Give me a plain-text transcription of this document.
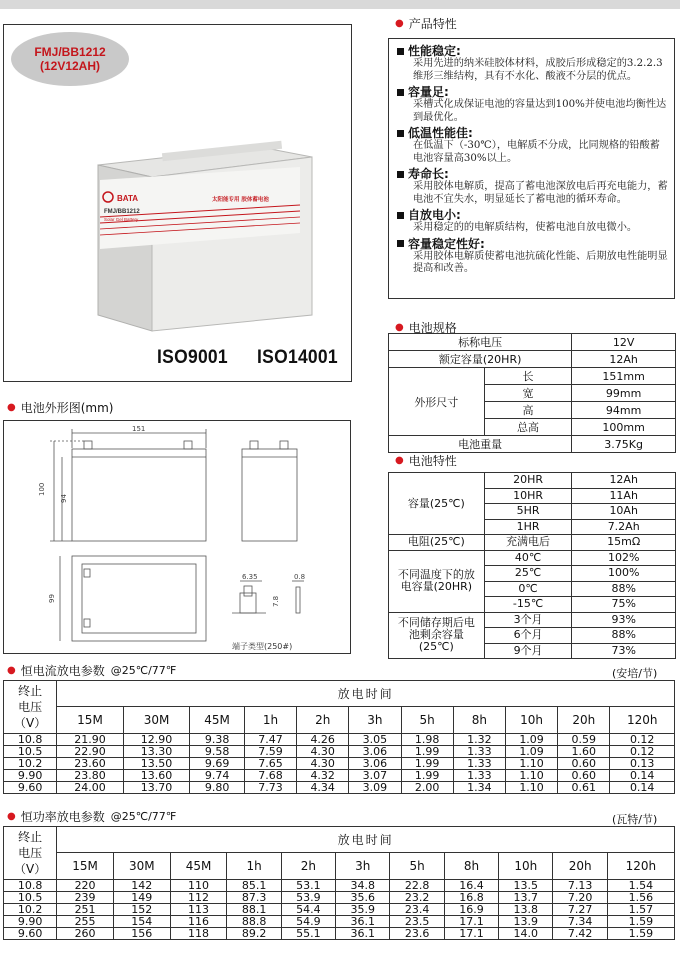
FMJ/BB1212
(12V12AH)
BATA
FMJ/BB1212
太阳能专用 胶体蓄电池
Solar Gel Battery
ISO9001 ISO14001
● 产品特性
性能稳定:
采用先进的纳米硅胶体材料，成胶后形成稳定的3.2.2.3维形三维结构，具有不水化、酸液不分层的优点。
容量足:
采槽式化成保证电池的容量达到100%并使电池均衡性达到最优化。
低温性能佳:
在低温下（-30℃），电解质不分成，比同规格的铅酸蓄电池容量高30%以上。
寿命长:
采用胶体电解质，提高了蓄电池深放电后再充电能力，蓄电池不宜失水，明显延长了蓄电池的循环寿命。
自放电小:
采用稳定的的电解质结构，使蓄电池自放电微小。
容量稳定性好:
采用胶体电解质使蓄电池抗硫化性能、后期放电性能明显提高和改善。
● 电池规格
标称电压		12V
额定容量(20HR)		12Ah
外形尺寸	长	151mm
	宽	99mm
	高	94mm
	总高	100mm
电池重量		3.75Kg
● 电池外形图(mm)
151
100
94
99
6.35	0.8
7.8
端子类型(250#)
● 电池特性
容量(25℃)	20HR	12Ah
	10HR	11Ah
	5HR	10Ah
	1HR	7.2Ah
电阻(25℃)	充满电后	15mΩ
不同温度下的放电容量(20HR)	40℃	102%
	25℃	100%
	0℃	88%
	-15℃	75%
不同储存期后电池剩余容量(25℃)	3个月	93%
	6个月	88%
	9个月	73%
● 恒电流放电参数 @25℃/77℉	(安培/节)
终止电压（V）	放电时间										
	15M	30M	45M	1h	2h	3h	5h	8h	10h	20h	120h
10.8	21.90	12.90	9.38	7.47	4.26	3.05	1.98	1.32	1.09	0.59	0.12
10.5	22.90	13.30	9.58	7.59	4.30	3.06	1.99	1.33	1.09	1.60	0.12
10.2	23.60	13.50	9.69	7.65	4.30	3.06	1.99	1.33	1.10	0.60	0.13
9.90	23.80	13.60	9.74	7.68	4.32	3.07	1.99	1.33	1.10	0.60	0.14
9.60	24.00	13.70	9.80	7.73	4.34	3.09	2.00	1.34	1.10	0.61	0.14
● 恒功率放电参数 @25℃/77℉	(瓦特/节)
终止电压（V）	放电时间										
	15M	30M	45M	1h	2h	3h	5h	8h	10h	20h	120h
10.8	220	142	110	85.1	53.1	34.8	22.8	16.4	13.5	7.13	1.54
10.5	239	149	112	87.3	53.9	35.6	23.2	16.8	13.7	7.20	1.56
10.2	251	152	113	88.1	54.4	35.9	23.4	16.9	13.8	7.27	1.57
9.90	255	154	116	88.8	54.9	36.1	23.5	17.1	13.9	7.34	1.59
9.60	260	156	118	89.2	55.1	36.1	23.6	17.1	14.0	7.42	1.59
